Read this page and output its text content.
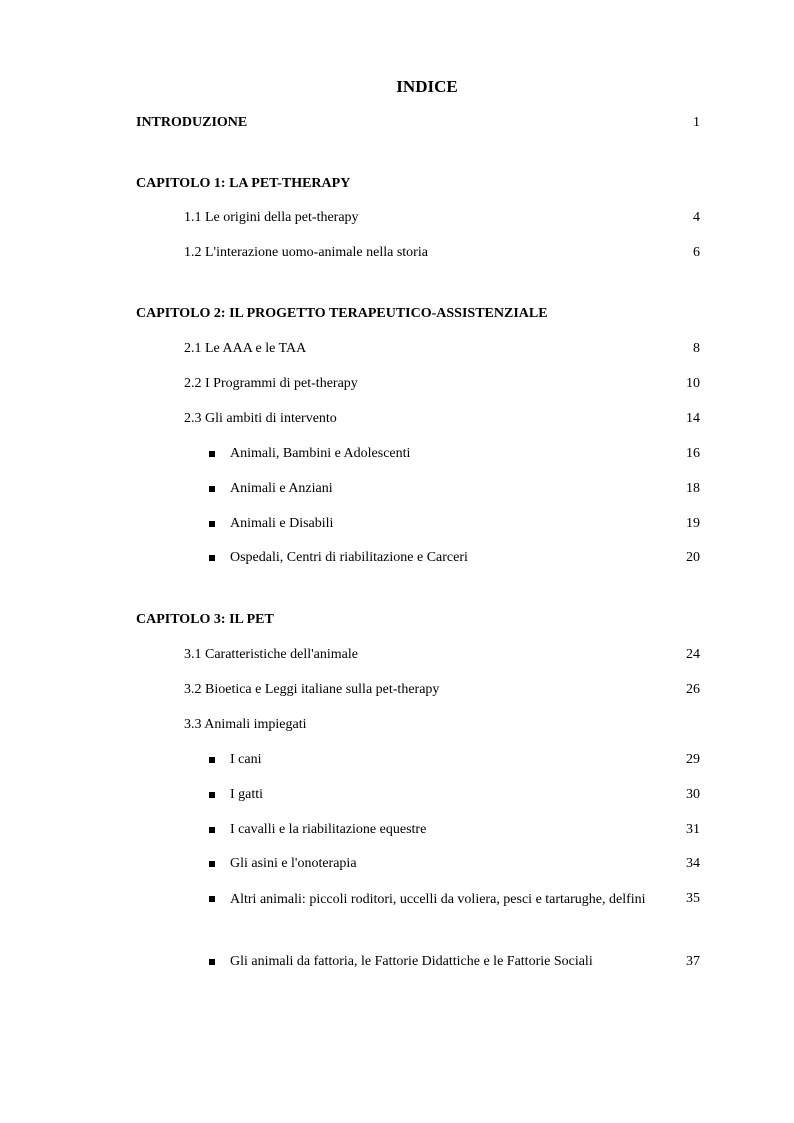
INDICE
INTRODUZIONE	1
CAPITOLO 1: LA PET-THERAPY
1.1 Le origini della pet-therapy	4
1.2 L'interazione uomo-animale nella storia	6
CAPITOLO 2: IL PROGETTO TERAPEUTICO-ASSISTENZIALE
2.1 Le AAA e le TAA	8
2.2 I Programmi di pet-therapy	10
2.3 Gli ambiti di intervento	14
Animali, Bambini e Adolescenti	16
Animali e Anziani	18
Animali e Disabili	19
Ospedali, Centri di riabilitazione e Carceri	20
CAPITOLO 3: IL PET
3.1 Caratteristiche dell'animale	24
3.2 Bioetica e Leggi italiane sulla pet-therapy	26
3.3 Animali impiegati
I cani	29
I gatti	30
I cavalli e la riabilitazione equestre	31
Gli asini e l'onoterapia	34
Altri animali: piccoli roditori, uccelli da voliera, pesci e tartarughe, delfini	35
Gli animali da fattoria, le Fattorie Didattiche e le Fattorie Sociali	37
